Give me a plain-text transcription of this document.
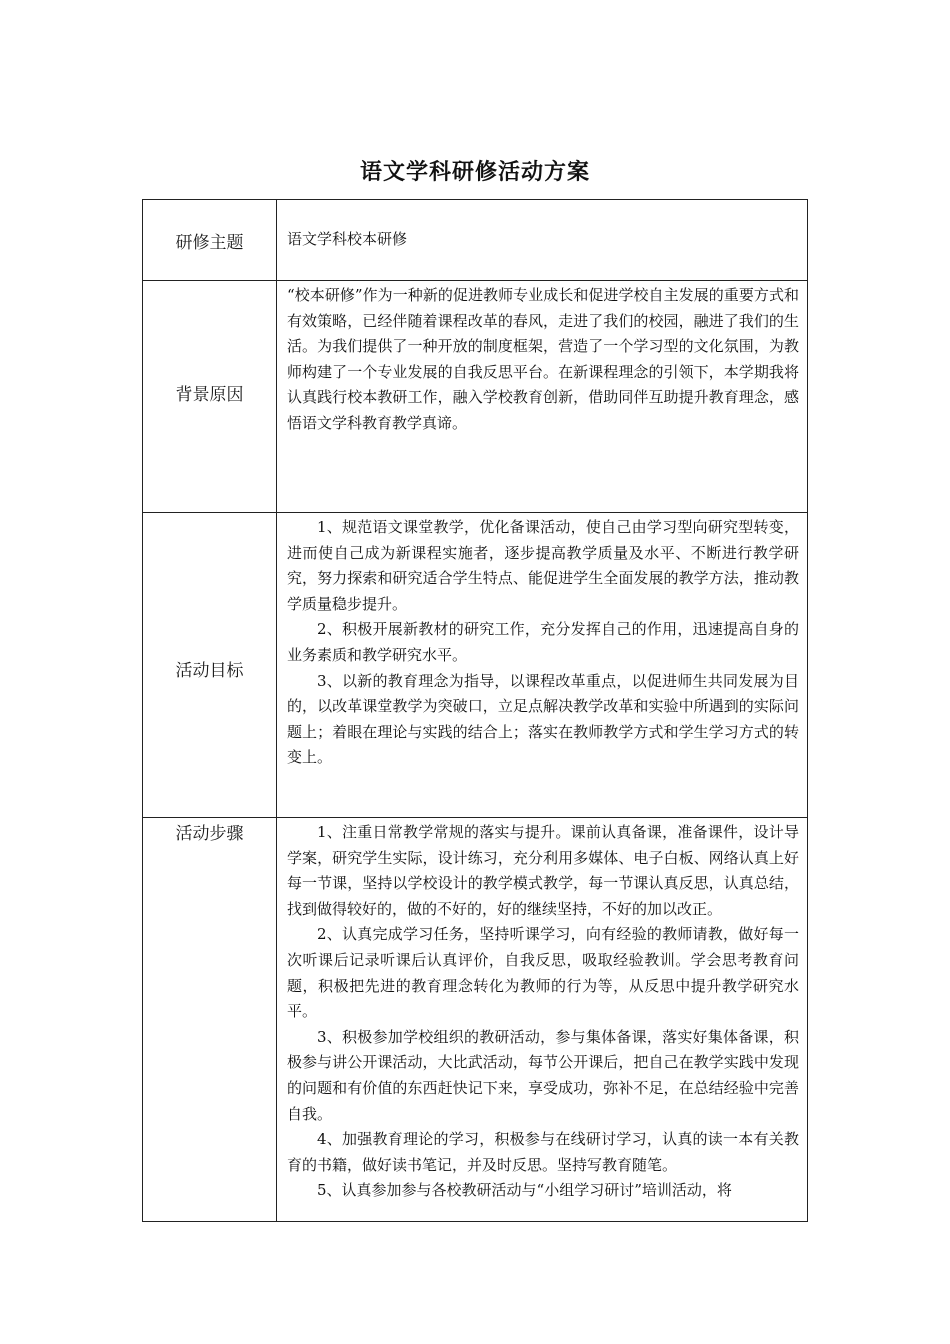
语文学科研修活动方案
研修主题	语文学科校本研修
背景原因	“校本研修”作为一种新的促进教师专业成长和促进学校自主发展的重要方式和有效策略，已经伴随着课程改革的春风，走进了我们的校园，融进了我们的生活。为我们提供了一种开放的制度框架，营造了一个学习型的文化氛围，为教师构建了一个专业发展的自我反思平台。在新课程理念的引领下，本学期我将认真践行校本教研工作，融入学校教育创新，借助同伴互助提升教育理念，感悟语文学科教育教学真谛。

活动目标	1、规范语文课堂教学，优化备课活动，使自己由学习型向研究型转变，进而使自己成为新课程实施者，逐步提高教学质量及水平、不断进行教学研究，努力探索和研究适合学生特点、能促进学生全面发展的教学方法，推动教学质量稳步提升。

2、积极开展新教材的研究工作，充分发挥自己的作用，迅速提高自身的业务素质和教学研究水平。

3、以新的教育理念为指导，以课程改革重点，以促进师生共同发展为目的，以改革课堂教学为突破口，立足点解决教学改革和实验中所遇到的实际问题上；着眼在理论与实践的结合上；落实在教师教学方式和学生学习方式的转变上。

活动步骤	1、注重日常教学常规的落实与提升。课前认真备课，准备课件，设计导学案，研究学生实际，设计练习，充分利用多媒体、电子白板、网络认真上好每一节课，坚持以学校设计的教学模式教学，每一节课认真反思，认真总结，找到做得较好的，做的不好的，好的继续坚持，不好的加以改正。

2、认真完成学习任务，坚持听课学习，向有经验的教师请教，做好每一次听课后记录听课后认真评价，自我反思，吸取经验教训。学会思考教育问题，积极把先进的教育理念转化为教师的行为等，从反思中提升教学研究水平。

3、积极参加学校组织的教研活动，参与集体备课，落实好集体备课，积极参与讲公开课活动，大比武活动，每节公开课后，把自己在教学实践中发现的问题和有价值的东西赶快记下来，享受成功，弥补不足，在总结经验中完善自我。

4、加强教育理论的学习，积极参与在线研讨学习，认真的读一本有关教育的书籍，做好读书笔记，并及时反思。坚持写教育随笔。

5、认真参加参与各校教研活动与“小组学习研讨”培训活动，将
